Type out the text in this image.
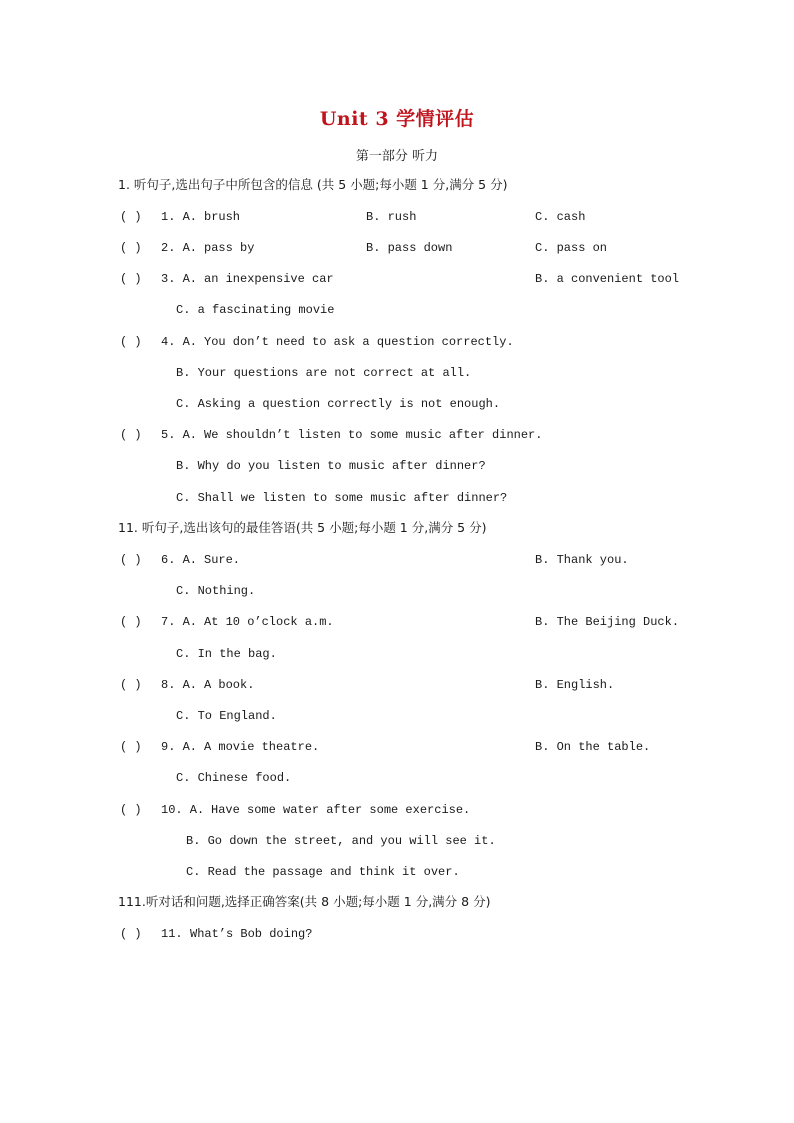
Unit 3 学情评估
第一部分 听力
1. 听句子,选出句子中所包含的信息 (共 5 小题;每小题 1 分,满分 5 分)
( ) 1. A. brush	B. rush	C. cash
( ) 2. A. pass by	B. pass down	C. pass on
( ) 3. A. an inexpensive car	B. a convenient tool
C. a fascinating movie
( ) 4. A. You don’t need to ask a question correctly.
B. Your questions are not correct at all.
C. Asking a question correctly is not enough.
( ) 5. A. We shouldn’t listen to some music after dinner.
B. Why do you listen to music after dinner?
C. Shall we listen to some music after dinner?
11. 听句子,选出该句的最佳答语(共 5 小题;每小题 1 分,满分 5 分)
( ) 6. A. Sure.	B. Thank you.
C. Nothing.
( ) 7. A. At 10 o’clock a.m.	B. The Beijing Duck.
C. In the bag.
( ) 8. A. A book.	B. English.
C. To England.
( ) 9. A. A movie theatre.	B. On the table.
C. Chinese food.
( ) 10. A. Have some water after some exercise.
B. Go down the street, and you will see it.
C. Read the passage and think it over.
111.听对话和问题,选择正确答案(共 8 小题;每小题 1 分,满分 8 分)
( ) 11. What’s Bob doing?
